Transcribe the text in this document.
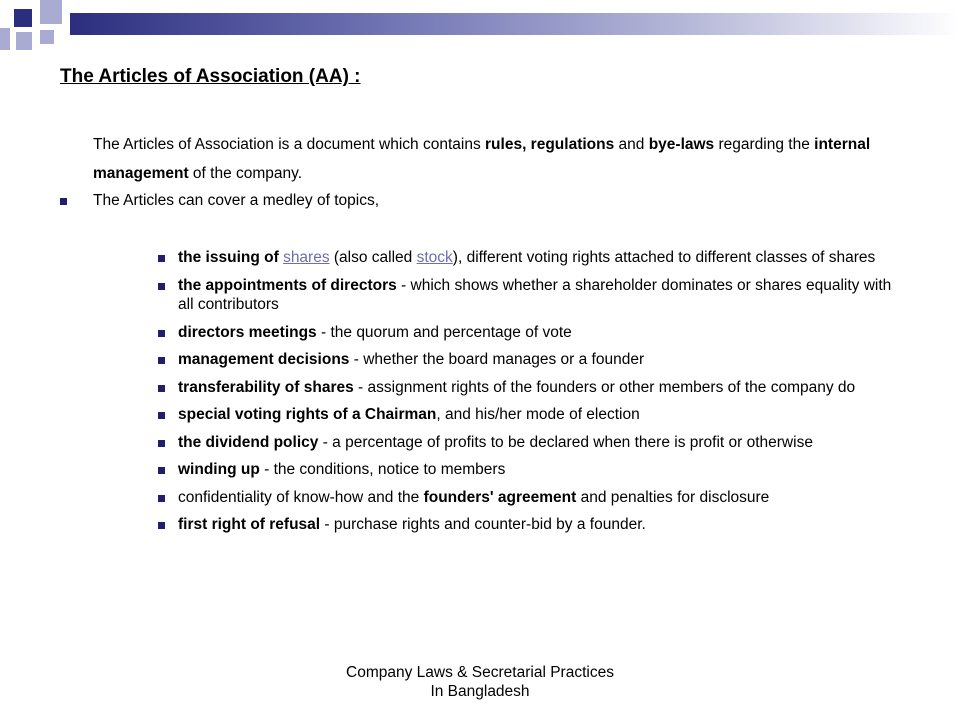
The Articles of Association (AA) :

The Articles of Association is a document which contains rules, regulations and bye-laws regarding the internal management of the company.

The Articles can cover a medley of topics,
the issuing of shares (also called stock), different voting rights attached to different classes of shares
the appointments of directors - which shows whether a shareholder dominates or shares equality with all contributors
directors meetings - the quorum and percentage of vote
management decisions - whether the board manages or a founder
transferability of shares - assignment rights of the founders or other members of the company do
special voting rights of a Chairman, and his/her mode of election
the dividend policy - a percentage of profits to be declared when there is profit or otherwise
winding up - the conditions, notice to members
confidentiality of know-how and the founders' agreement and penalties for disclosure
first right of refusal - purchase rights and counter-bid by a founder.
Company Laws & Secretarial Practices
In Bangladesh
